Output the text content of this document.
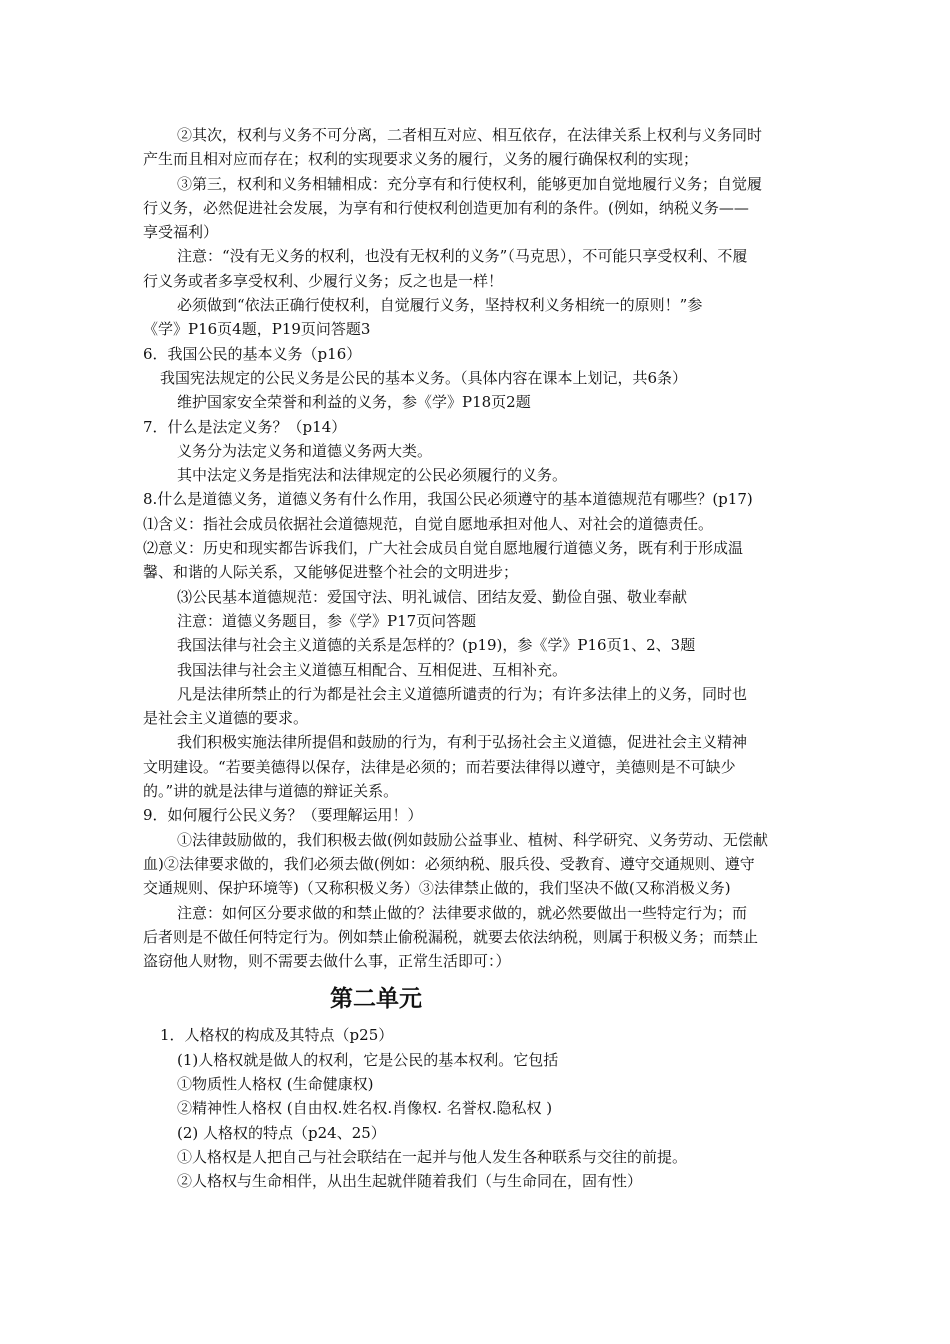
②其次，权利与义务不可分离，二者相互对应、相互依存，在法律关系上权利与义务同时
产生而且相对应而存在；权利的实现要求义务的履行，义务的履行确保权利的实现；
③第三，权利和义务相辅相成：充分享有和行使权利，能够更加自觉地履行义务；自觉履
行义务，必然促进社会发展，为享有和行使权利创造更加有利的条件。(例如，纳税义务——
享受福利）
注意：“没有无义务的权利，也没有无权利的义务”（马克思），不可能只享受权利、不履
行义务或者多享受权利、少履行义务；反之也是一样！
必须做到“依法正确行使权利，自觉履行义务，坚持权利义务相统一的原则！”参
《学》P16页4题，P19页问答题3
6．我国公民的基本义务（p16）
我国宪法规定的公民义务是公民的基本义务。（具体内容在课本上划记，共6条）
维护国家安全荣誉和利益的义务，参《学》P18页2题
7．什么是法定义务？（p14）
义务分为法定义务和道德义务两大类。
其中法定义务是指宪法和法律规定的公民必须履行的义务。
8.什么是道德义务，道德义务有什么作用，我国公民必须遵守的基本道德规范有哪些？(p17)
⑴含义：指社会成员依据社会道德规范，自觉自愿地承担对他人、对社会的道德责任。
⑵意义：历史和现实都告诉我们，广大社会成员自觉自愿地履行道德义务，既有利于形成温
馨、和谐的人际关系，又能够促进整个社会的文明进步；
⑶公民基本道德规范：爱国守法、明礼诚信、团结友爱、勤俭自强、敬业奉献
注意：道德义务题目，参《学》P17页问答题
我国法律与社会主义道德的关系是怎样的？(p19)，参《学》P16页1、2、3题
我国法律与社会主义道德互相配合、互相促进、互相补充。
凡是法律所禁止的行为都是社会主义道德所谴责的行为；有许多法律上的义务，同时也
是社会主义道德的要求。
我们积极实施法律所提倡和鼓励的行为，有利于弘扬社会主义道德，促进社会主义精神
文明建设。“若要美德得以保存，法律是必须的；而若要法律得以遵守，美德则是不可缺少
的。”讲的就是法律与道德的辩证关系。
9．如何履行公民义务？（要理解运用！）
①法律鼓励做的，我们积极去做(例如鼓励公益事业、植树、科学研究、义务劳动、无偿献
血)②法律要求做的，我们必须去做(例如：必须纳税、服兵役、受教育、遵守交通规则、遵守
交通规则、保护环境等)（又称积极义务）③法律禁止做的，我们坚决不做(又称消极义务)
注意：如何区分要求做的和禁止做的？法律要求做的，就必然要做出一些特定行为；而
后者则是不做任何特定行为。例如禁止偷税漏税，就要去依法纳税，则属于积极义务；而禁止
盗窃他人财物，则不需要去做什么事，正常生活即可：）
第二单元
1．人格权的构成及其特点（p25）
(1)人格权就是做人的权利，它是公民的基本权利。它包括
①物质性人格权 (生命健康权)
②精神性人格权 (自由权.姓名权.肖像权. 名誉权.隐私权 )
(2) 人格权的特点（p24、25）
①人格权是人把自己与社会联结在一起并与他人发生各种联系与交往的前提。
②人格权与生命相伴，从出生起就伴随着我们（与生命同在，固有性）
